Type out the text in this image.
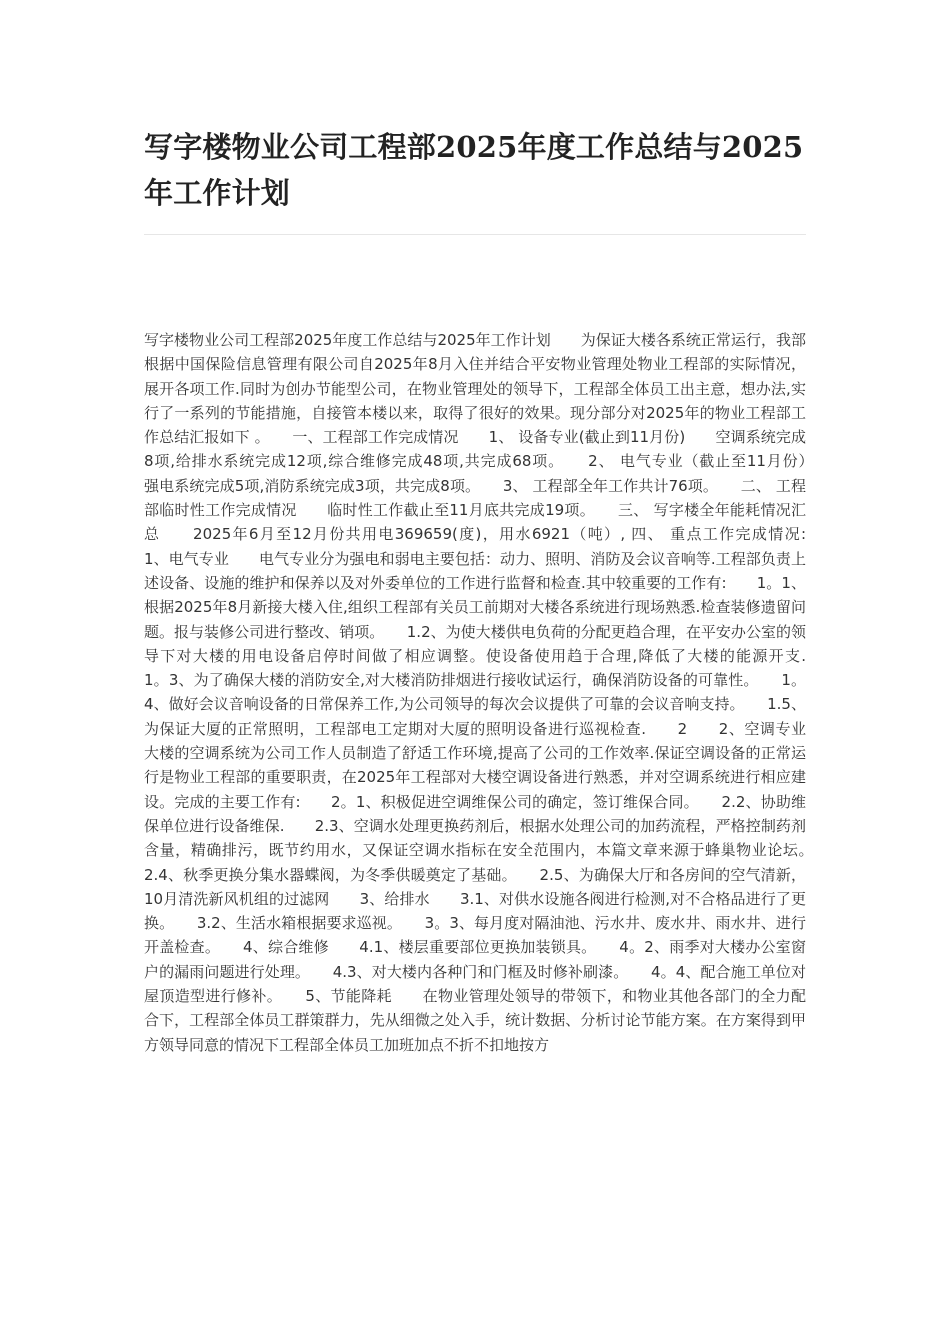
写字楼物业公司工程部2025年度工作总结与2025年工作计划
写字楼物业公司工程部2025年度工作总结与2025年工作计划　　为保证大楼各系统正常运行，我部根据中国保险信息管理有限公司自2025年8月入住并结合平安物业管理处物业工程部的实际情况，展开各项工作.同时为创办节能型公司，在物业管理处的领导下，工程部全体员工出主意，想办法,实行了一系列的节能措施，自接管本楼以来，取得了很好的效果。现分部分对2025年的物业工程部工作总结汇报如下 。　　一、工程部工作完成情况　　1、 设备专业(截止到11月份)　　空调系统完成8项,给排水系统完成12项,综合维修完成48项,共完成68项。　　2、 电气专业（截止至11月份）　　强电系统完成5项,消防系统完成3项，共完成8项。　　3、 工程部全年工作共计76项。　　二、 工程部临时性工作完成情况　　临时性工作截止至11月底共完成19项。　　三、 写字楼全年能耗情况汇总　　2025年6月至12月份共用电369659(度)，用水6921（吨）, 四、 重点工作完成情况:　　1、电气专业　　电气专业分为强电和弱电主要包括：动力、照明、消防及会议音响等.工程部负责上述设备、设施的维护和保养以及对外委单位的工作进行监督和检查.其中较重要的工作有:　　1。1、根据2025年8月新接大楼入住,组织工程部有关员工前期对大楼各系统进行现场熟悉.检查装修遗留问题。报与装修公司进行整改、销项。　　1.2、为使大楼供电负荷的分配更趋合理，在平安办公室的领导下对大楼的用电设备启停时间做了相应调整。使设备使用趋于合理,降低了大楼的能源开支.　　1。3、为了确保大楼的消防安全,对大楼消防排烟进行接收试运行，确保消防设备的可靠性。　　1。4、做好会议音响设备的日常保养工作,为公司领导的每次会议提供了可靠的会议音响支持。　　1.5、为保证大厦的正常照明，工程部电工定期对大厦的照明设备进行巡视检查.　　2　　2、空调专业　　大楼的空调系统为公司工作人员制造了舒适工作环境,提高了公司的工作效率.保证空调设备的正常运行是物业工程部的重要职责，在2025年工程部对大楼空调设备进行熟悉，并对空调系统进行相应建设。完成的主要工作有:　　2。1、积极促进空调维保公司的确定，签订维保合同。　　2.2、协助维保单位进行设备维保.　　2.3、空调水处理更换药剂后，根据水处理公司的加药流程，严格控制药剂含量，精确排污，既节约用水，又保证空调水指标在安全范围内，本篇文章来源于蜂巢物业论坛。　　2.4、秋季更换分集水器蝶阀，为冬季供暖奠定了基础。　　2.5、为确保大厅和各房间的空气清新，10月清洗新风机组的过滤网　　3、给排水　　3.1、对供水设施各阀进行检测,对不合格品进行了更换。　　3.2、生活水箱根据要求巡视。　　3。3、每月度对隔油池、污水井、废水井、雨水井、进行开盖检查。　　4、综合维修　　4.1、楼层重要部位更换加装锁具。　　4。2、雨季对大楼办公室窗户的漏雨问题进行处理。　　4.3、对大楼内各种门和门框及时修补刷漆。　　4。4、配合施工单位对屋顶造型进行修补。　　5、节能降耗　　在物业管理处领导的带领下，和物业其他各部门的全力配合下，工程部全体员工群策群力，先从细微之处入手，统计数据、分析讨论节能方案。在方案得到甲方领导同意的情况下工程部全体员工加班加点不折不扣地按方
